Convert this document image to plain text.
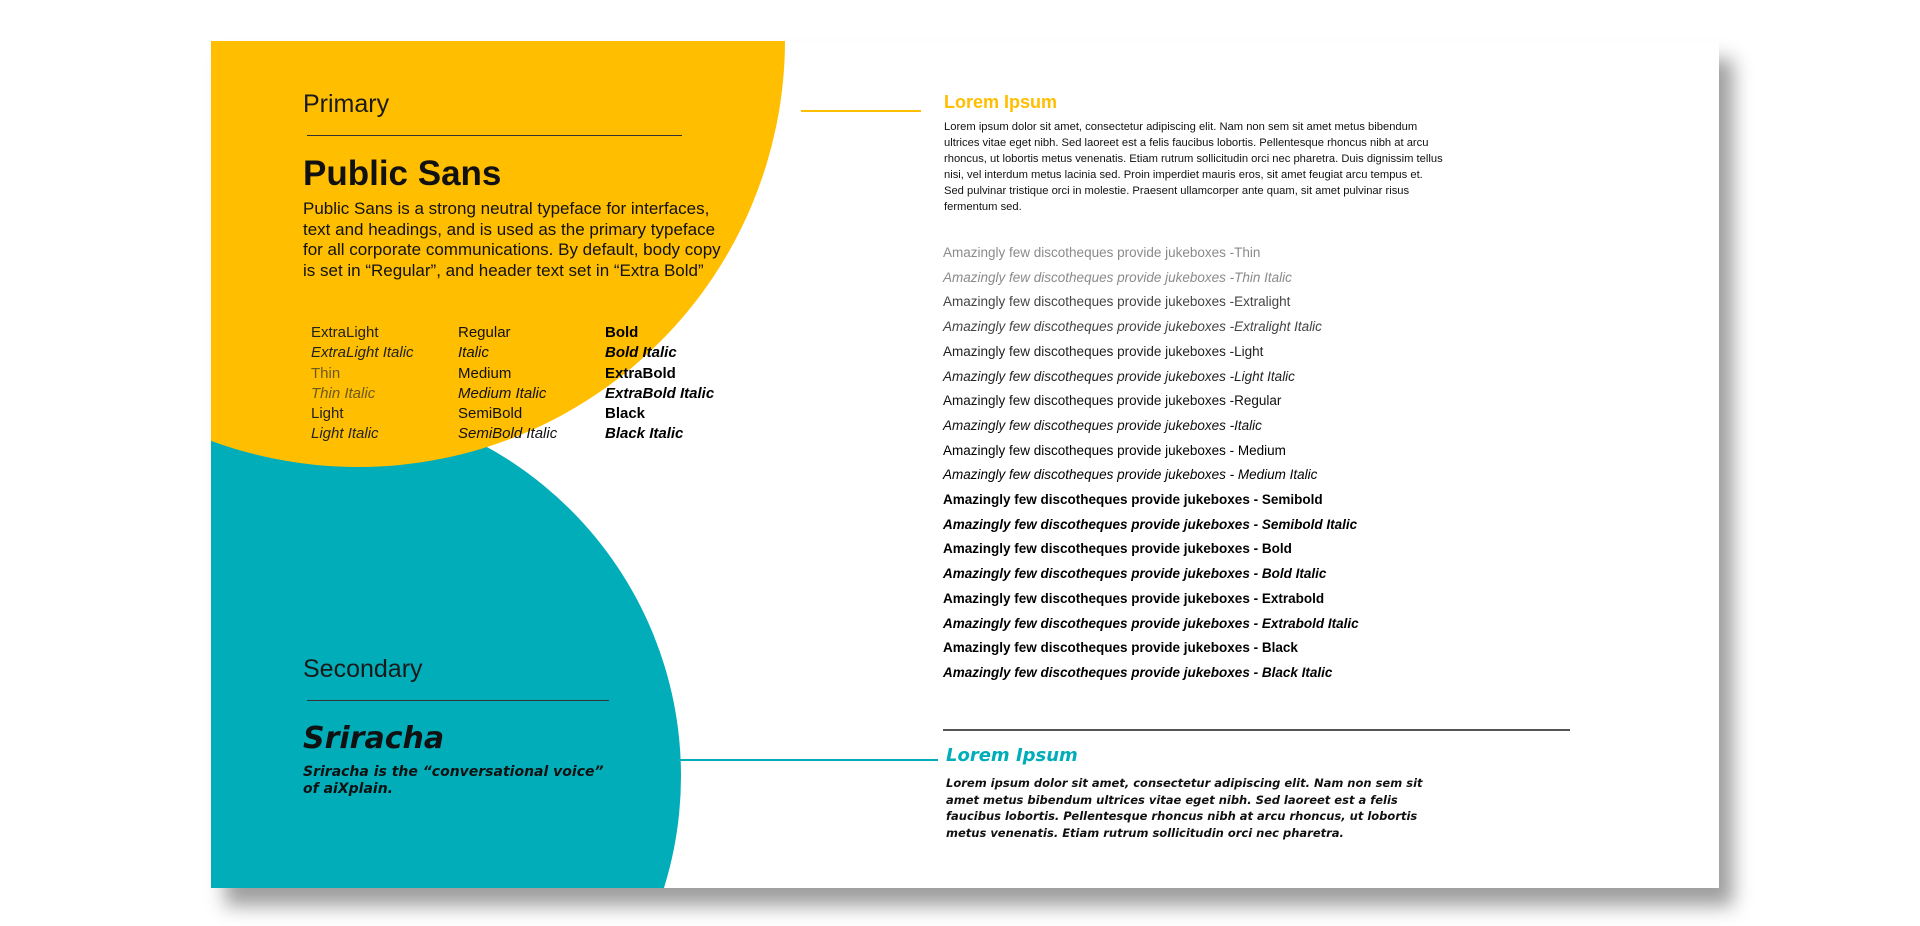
Primary
Public Sans
Public Sans is a strong neutral typeface for interfaces, text and headings, and is used as the primary typeface for all corporate communications. By default, body copy is set in “Regular”, and header text set in “Extra Bold”
ExtraLight
ExtraLight Italic
Thin
Thin Italic
Light
Light Italic
Regular
Italic
Medium
Medium Italic
SemiBold
SemiBold Italic
Bold
Bold Italic
ExtraBold
ExtraBold Italic
Black
Black Italic
Secondary
Sriracha
Sriracha is the “conversational voice” of aiXplain.
Lorem Ipsum
Lorem ipsum dolor sit amet, consectetur adipiscing elit. Nam non sem sit amet metus bibendum ultrices vitae eget nibh. Sed laoreet est a felis faucibus lobortis. Pellentesque rhoncus nibh at arcu rhoncus, ut lobortis metus venenatis. Etiam rutrum sollicitudin orci nec pharetra. Duis dignissim tellus nisi, vel interdum metus lacinia sed. Proin imperdiet mauris eros, sit amet feugiat arcu tempus et. Sed pulvinar tristique orci in molestie. Praesent ullamcorper ante quam, sit amet pulvinar risus fermentum sed.
Amazingly few discotheques provide jukeboxes -Thin
Amazingly few discotheques provide jukeboxes -Thin Italic
Amazingly few discotheques provide jukeboxes -Extralight
Amazingly few discotheques provide jukeboxes -Extralight Italic
Amazingly few discotheques provide jukeboxes -Light
Amazingly few discotheques provide jukeboxes -Light Italic
Amazingly few discotheques provide jukeboxes -Regular
Amazingly few discotheques provide jukeboxes -Italic
Amazingly few discotheques provide jukeboxes - Medium
Amazingly few discotheques provide jukeboxes - Medium Italic
Amazingly few discotheques provide jukeboxes - Semibold
Amazingly few discotheques provide jukeboxes - Semibold Italic
Amazingly few discotheques provide jukeboxes - Bold
Amazingly few discotheques provide jukeboxes - Bold Italic
Amazingly few discotheques provide jukeboxes - Extrabold
Amazingly few discotheques provide jukeboxes - Extrabold Italic
Amazingly few discotheques provide jukeboxes - Black
Amazingly few discotheques provide jukeboxes - Black Italic
Lorem Ipsum
Lorem ipsum dolor sit amet, consectetur adipiscing elit. Nam non sem sit amet metus bibendum ultrices vitae eget nibh. Sed laoreet est a felis faucibus lobortis. Pellentesque rhoncus nibh at arcu rhoncus, ut lobortis metus venenatis. Etiam rutrum sollicitudin orci nec pharetra.
